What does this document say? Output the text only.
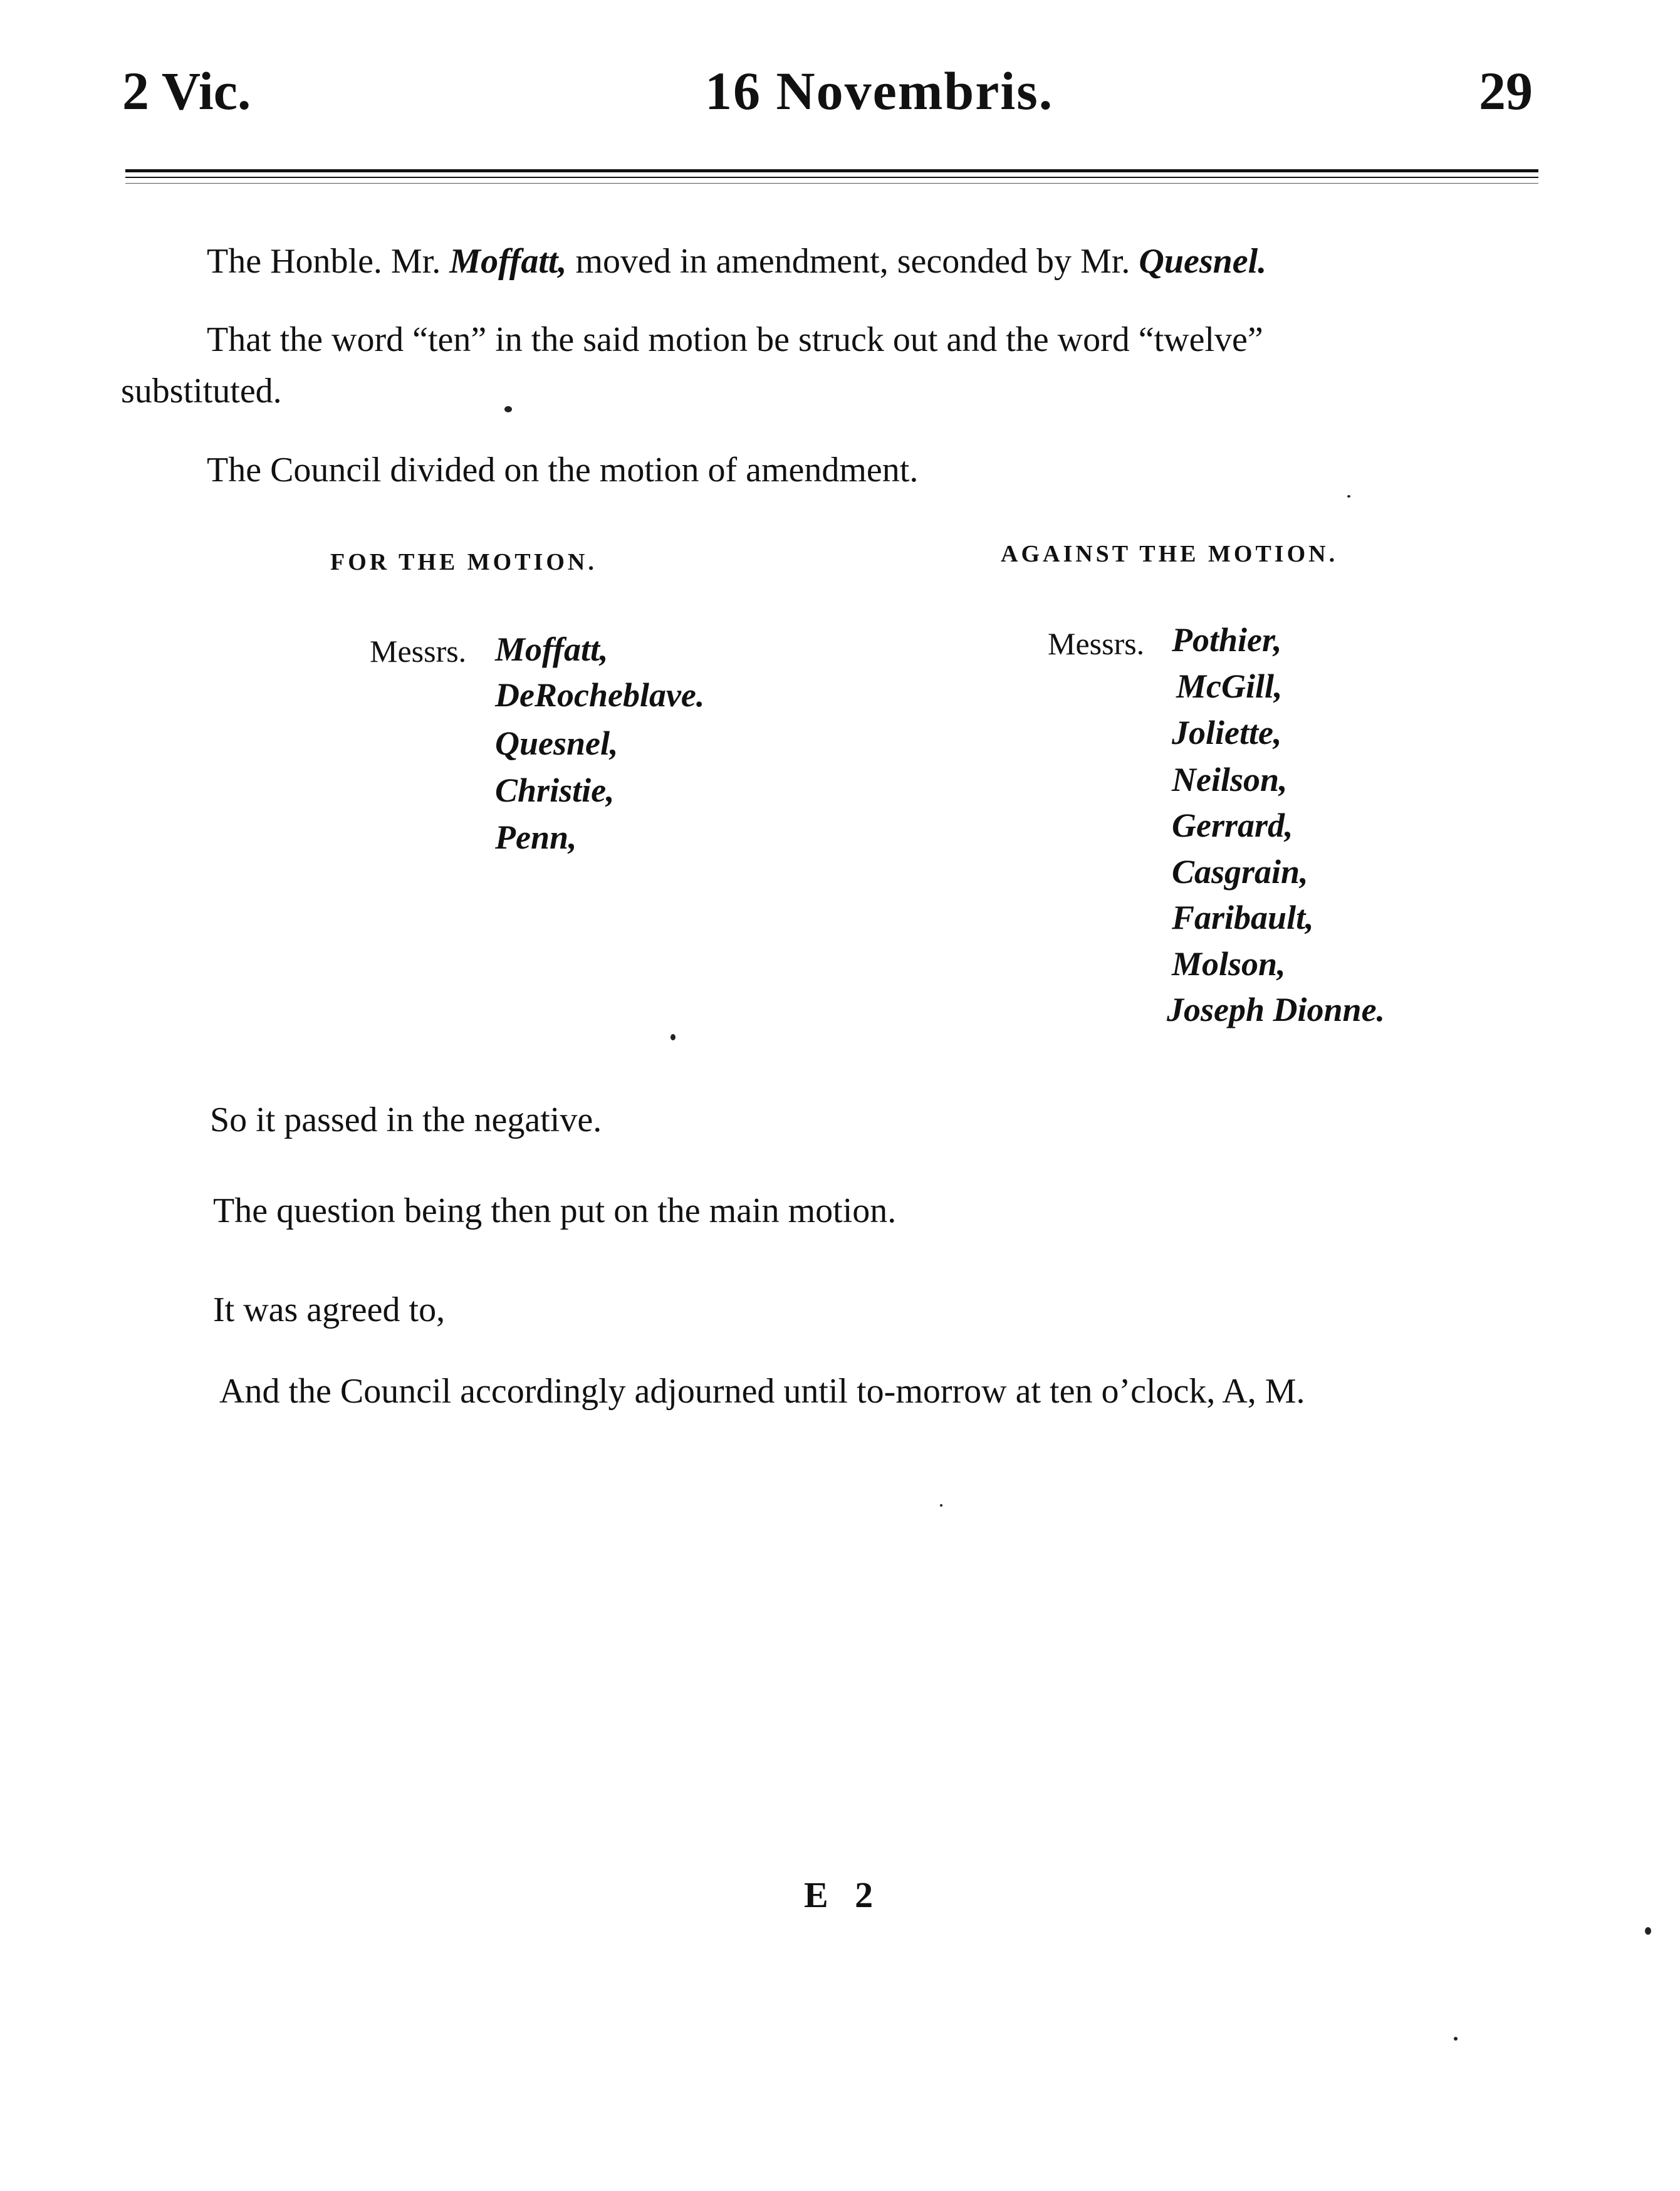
2 Vic.	16 Novembris.	29
The Honble. Mr. Moffatt, moved in amendment, seconded by Mr. Quesnel.
That the word “ten” in the said motion be struck out and the word “twelve”
substituted.
The Council divided on the motion of amendment.
FOR THE MOTION.	AGAINST THE MOTION.
Messrs. Moffatt,
DeRocheblave.
Quesnel,
Christie,
Penn,
Messrs. Pothier,
McGill,
Joliette,
Neilson,
Gerrard,
Casgrain,
Faribault,
Molson,
Joseph Dionne.
So it passed in the negative.
The question being then put on the main motion.
It was agreed to,
And the Council accordingly adjourned until to-morrow at ten o’clock, A, M.
E 2
